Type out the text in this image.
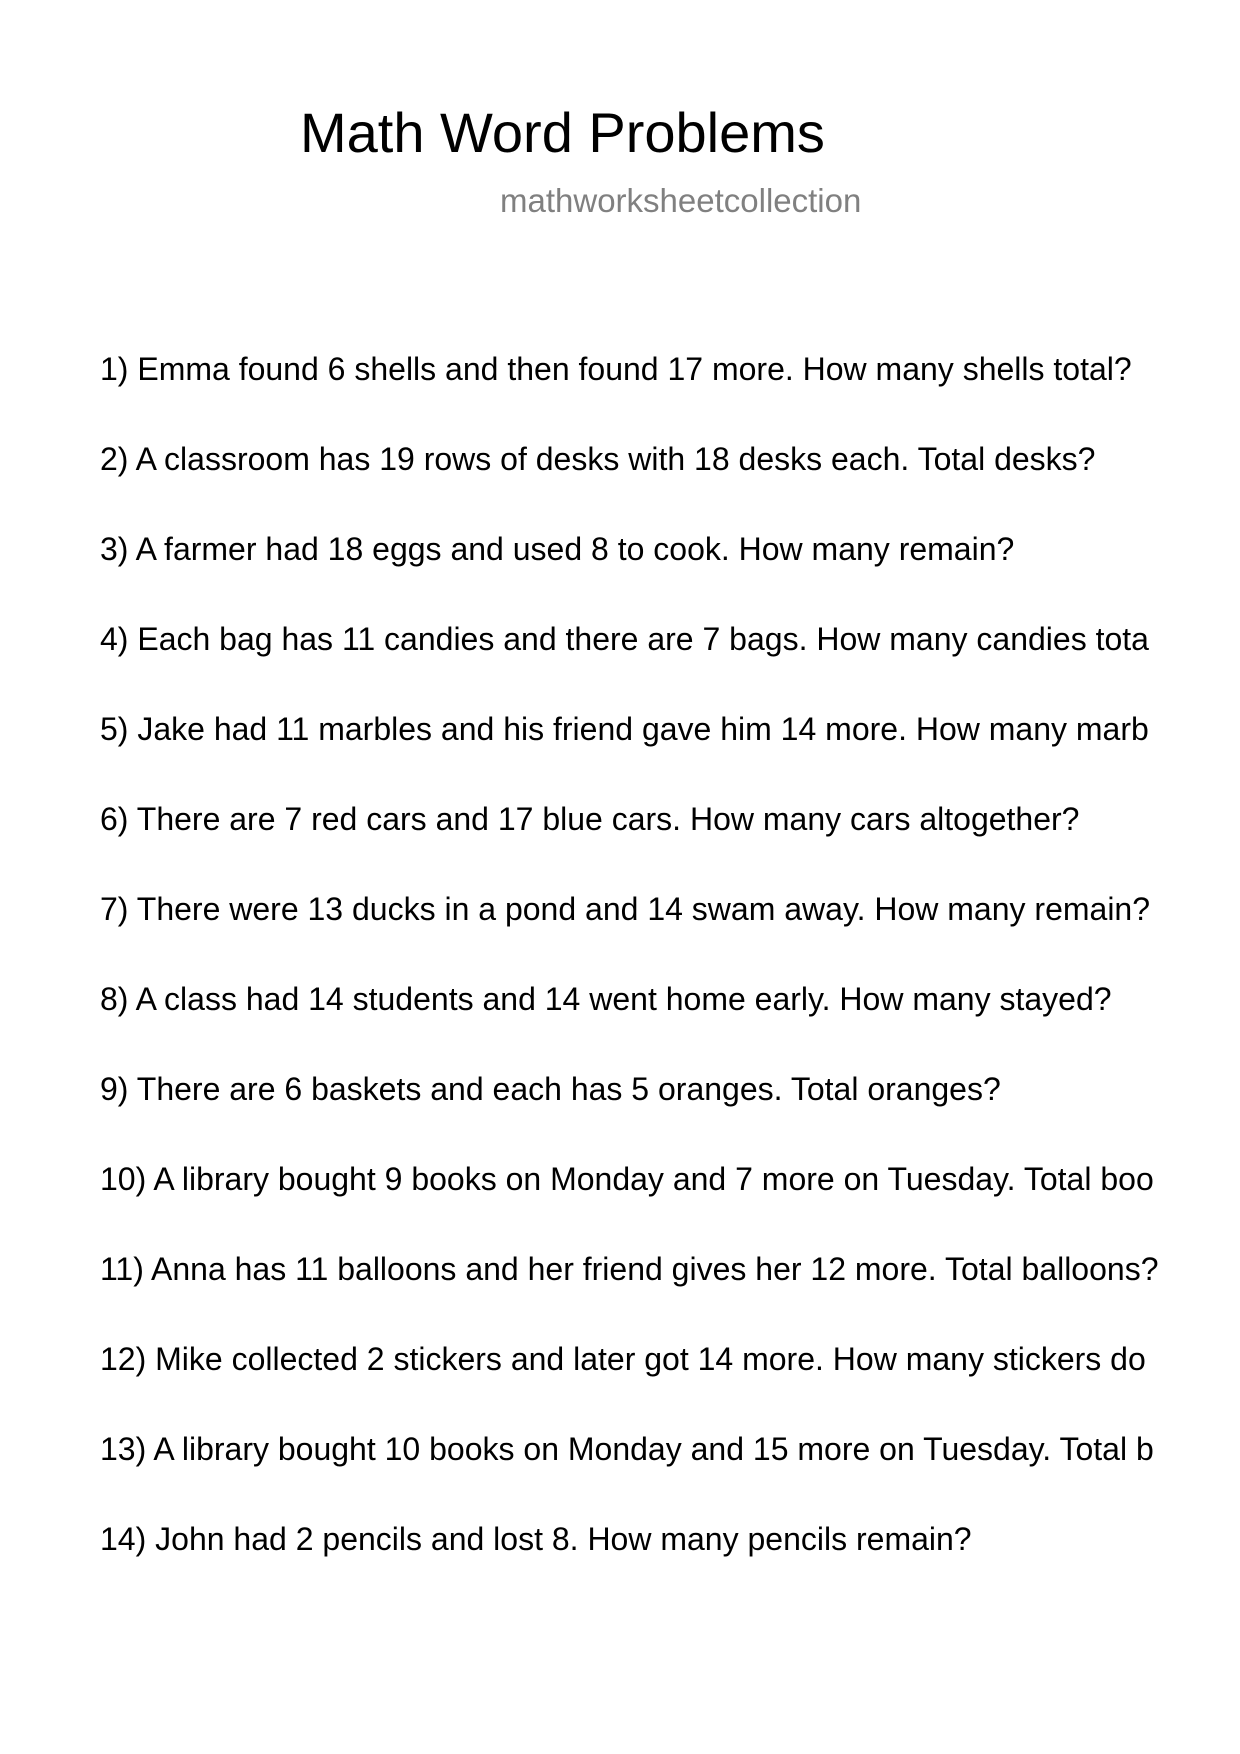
Math Word Problems
mathworksheetcollection
1) Emma found 6 shells and then found 17 more. How many shells total?
2) A classroom has 19 rows of desks with 18 desks each. Total desks?
3) A farmer had 18 eggs and used 8 to cook. How many remain?
4) Each bag has 11 candies and there are 7 bags. How many candies tota
5) Jake had 11 marbles and his friend gave him 14 more. How many marb
6) There are 7 red cars and 17 blue cars. How many cars altogether?
7) There were 13 ducks in a pond and 14 swam away. How many remain?
8) A class had 14 students and 14 went home early. How many stayed?
9) There are 6 baskets and each has 5 oranges. Total oranges?
10) A library bought 9 books on Monday and 7 more on Tuesday. Total boo
11) Anna has 11 balloons and her friend gives her 12 more. Total balloons?
12) Mike collected 2 stickers and later got 14 more. How many stickers do
13) A library bought 10 books on Monday and 15 more on Tuesday. Total b
14) John had 2 pencils and lost 8. How many pencils remain?
